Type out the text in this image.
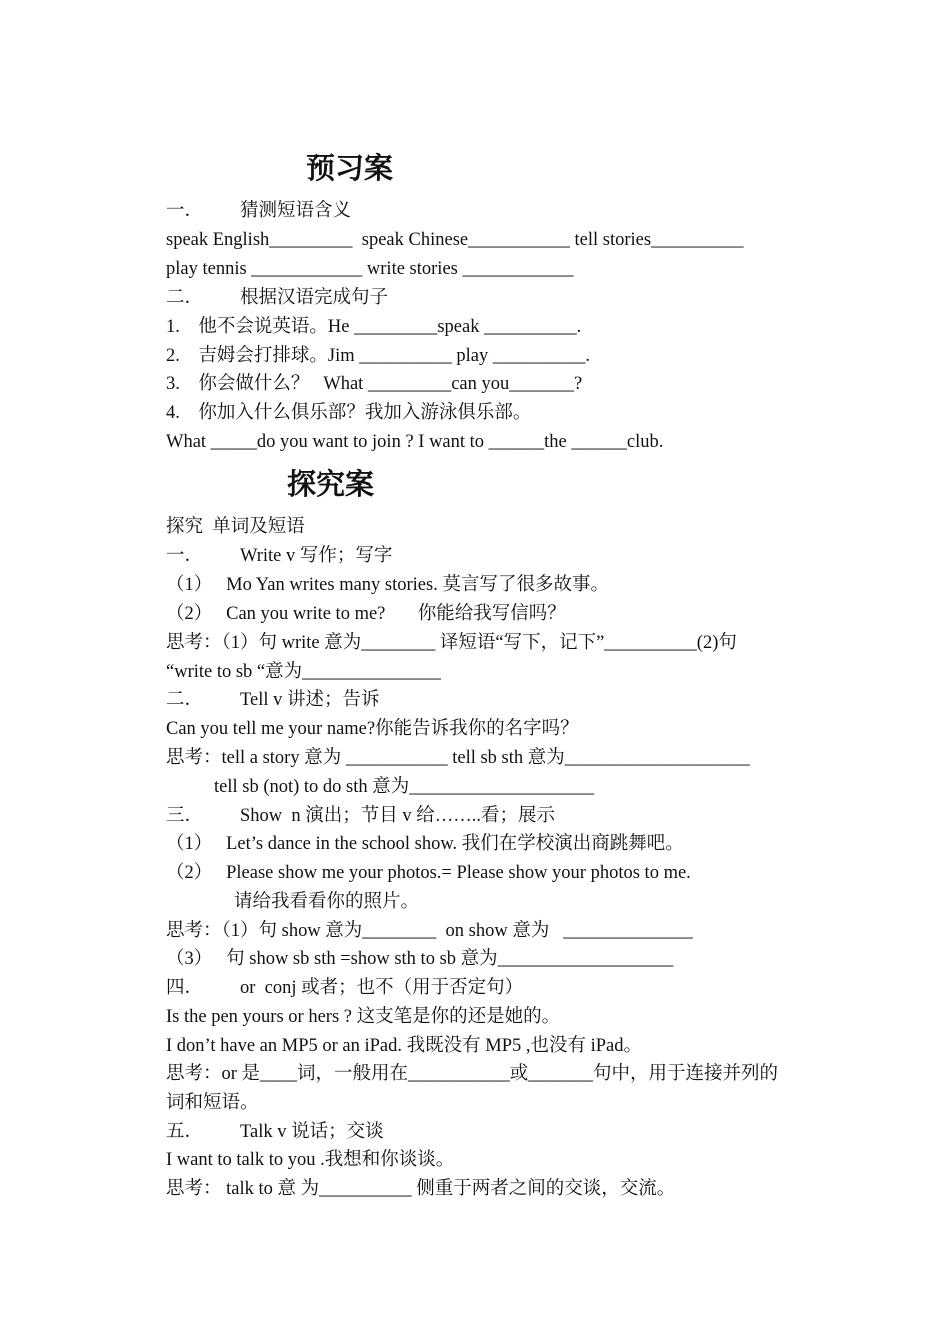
预习案
一．        猜测短语含义
speak English_________  speak Chinese___________ tell stories__________
play tennis ____________ write stories ____________
二．        根据汉语完成句子
1.    他不会说英语。He _________speak __________.
2.    吉姆会打排球。Jim __________ play __________.
3.    你会做什么？   What _________can you_______?
4.    你加入什么俱乐部？我加入游泳俱乐部。
What _____do you want to join ? I want to ______the ______club.
探究案
探究  单词及短语
一．        Write v 写作；写字
（1）   Mo Yan writes many stories. 莫言写了很多故事。
（2）   Can you write to me?       你能给我写信吗？
思考：（1）句 write 意为________ 译短语“写下，记下”__________(2)句
“write to sb “意为_______________
二．        Tell v 讲述；告诉
Can you tell me your name?你能告诉我你的名字吗？
思考：tell a story 意为 ___________ tell sb sth 意为____________________
tell sb (not) to do sth 意为____________________
三．        Show  n 演出；节目 v 给……..看；展示
（1）   Let’s dance in the school show. 我们在学校演出商跳舞吧。
（2）   Please show me your photos.= Please show your photos to me.
请给我看看你的照片。
思考：（1）句 show 意为________  on show 意为   ______________
（3）   句 show sb sth =show sth to sb 意为___________________
四．        or  conj 或者；也不（用于否定句）
Is the pen yours or hers ? 这支笔是你的还是她的。
I don’t have an MP5 or an iPad. 我既没有 MP5 ,也没有 iPad。
思考：or 是____词，一般用在___________或_______句中，用于连接并列的
词和短语。
五．        Talk v 说话；交谈
I want to talk to you .我想和你谈谈。
思考： talk to 意 为__________ 侧重于两者之间的交谈，交流。
